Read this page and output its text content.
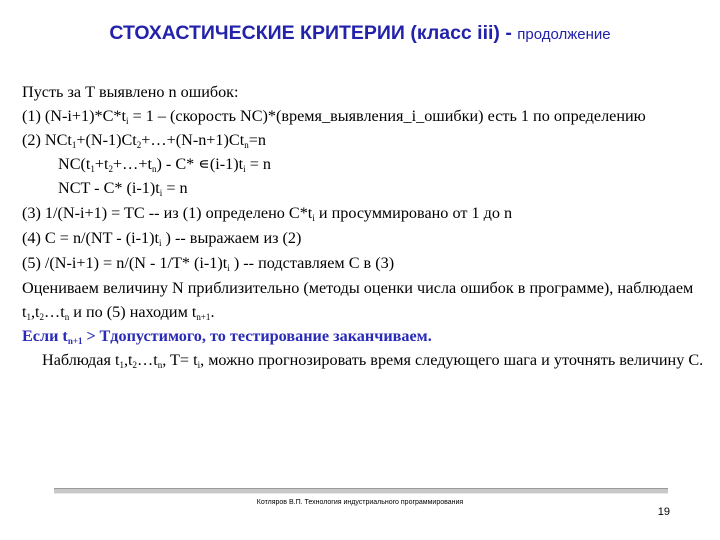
СТОХАСТИЧЕСКИЕ КРИТЕРИИ (класс iii) - продолжение
Пусть за Т выявлено n ошибок:
(1) $(N-i+1)*C*t_i = 1$ – (скорость NC)*(время_выявления_i_ошибки) есть 1 по определению
(2) $NCt_1+(N-1)Ct_2+\dots+(N-n+1)Ct_n=n$
$NC(t_1+t_2+\dots+t_n) - C*$ $∊(i-1)t_i = n$
NCT - C* $(i-1)t_i = n$
(3) 1/(N-i+1) = TC -- из (1) определено $С*t_i$ и просуммировано от 1 до n
(4) $C = n/(NT - (i-1)t_i$ ) -- выражаем из (2)
(5) /(N-i+1) = n/(N - 1/T* $(i-1)t_i$ ) -- подставляем С в (3)
Оцениваем величину N приблизительно (методы оценки числа ошибок в программе), наблюдаем $t_1,t_2\dots t_n$ и по (5) находим $t_{n+1}$.
Если $t_{n+1}$ > Tдопустимого, то тестирование заканчиваем.
Наблюдая $t_1,t_2\dots t_n$, $T= t_i$, можно прогнозировать время следующего шага и уточнять величину С.
Котляров В.П. Технология индустриального программирования
19
